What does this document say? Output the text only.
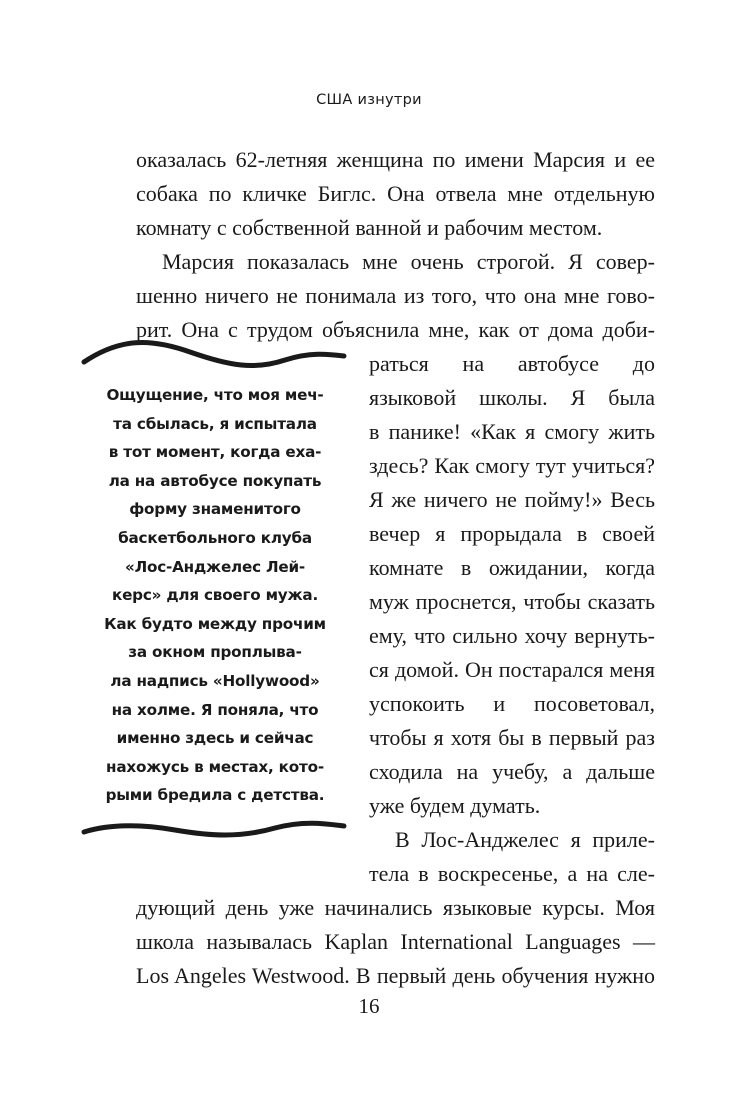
США изнутри
оказалась 62-летняя женщина по имени Марсия и ее
собака по кличке Биглс. Она отвела мне отдельную
комнату с собственной ванной и рабочим местом.
Марсия показалась мне очень строгой. Я совер-
шенно ничего не понимала из того, что она мне гово-
рит. Она с трудом объяснила мне, как от дома доби-
раться на автобусе до
языковой школы. Я была
в панике! «Как я смогу жить
здесь? Как смогу тут учиться?
Я же ничего не пойму!» Весь
вечер я прорыдала в своей
комнате в ожидании, когда
муж проснется, чтобы сказать
ему, что сильно хочу вернуть-
ся домой. Он постарался меня
успокоить и посоветовал,
чтобы я хотя бы в первый раз
сходила на учебу, а дальше
уже будем думать.
В Лос-Анджелес я приле-
тела в воскресенье, а на сле-
дующий день уже начинались языковые курсы. Моя
школа называлась Kaplan International Languages —
Los Angeles Westwood. В первый день обучения нужно
Ощущение, что моя меч-
та сбылась, я испытала
в тот момент, когда еха-
ла на автобусе покупать
форму знаменитого
баскетбольного клуба
«Лос-Анджелес Лей-
керс» для своего мужа.
Как будто между прочим
за окном проплыва-
ла надпись «Hollywood»
на холме. Я поняла, что
именно здесь и сейчас
нахожусь в местах, кото-
рыми бредила с детства.
16
